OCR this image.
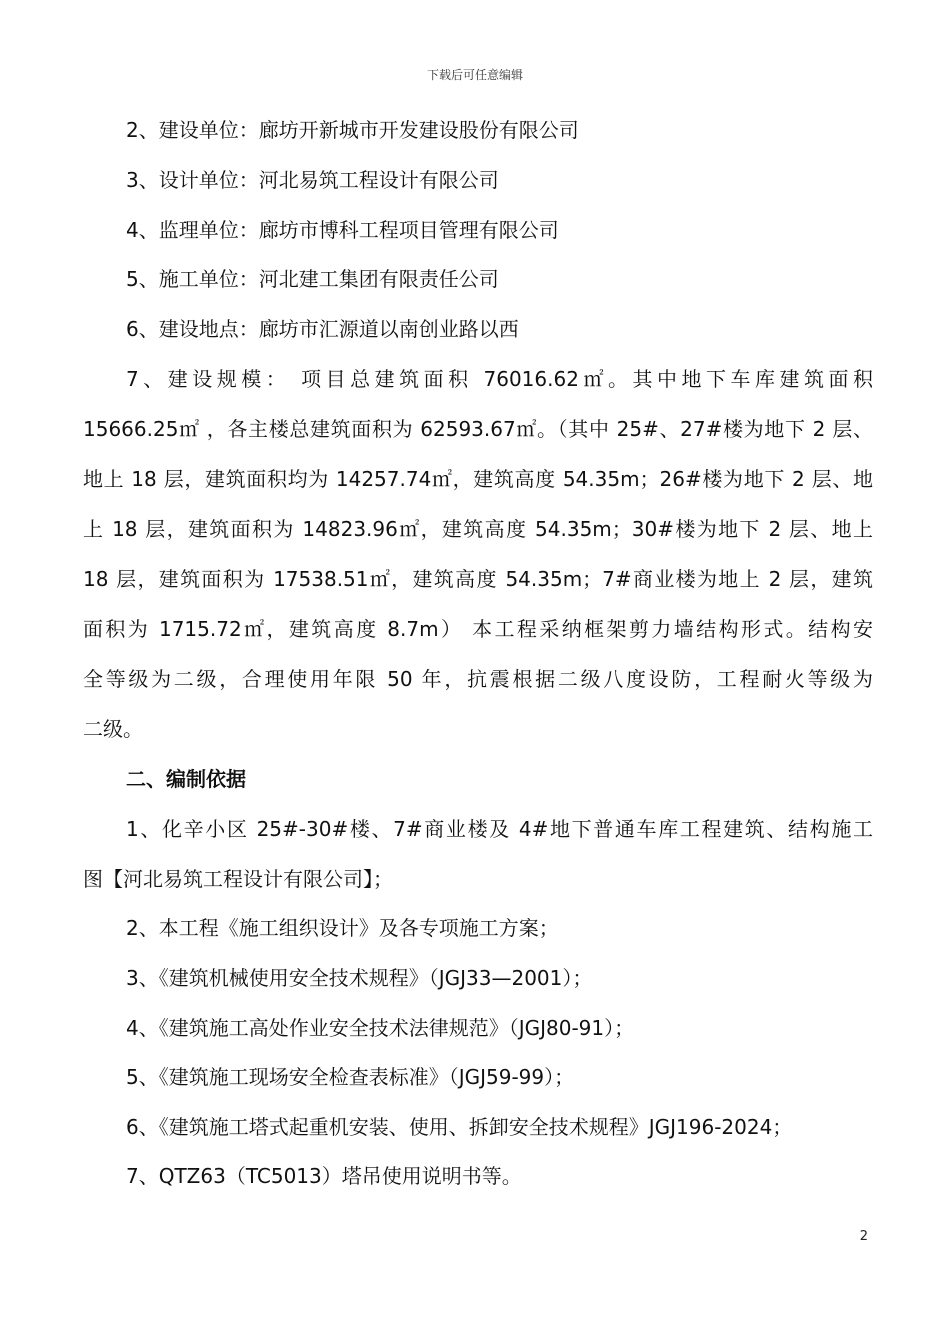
下载后可任意编辑
2、建设单位：廊坊开新城市开发建设股份有限公司
3、设计单位：河北易筑工程设计有限公司
4、监理单位：廊坊市博科工程项目管理有限公司
5、施工单位：河北建工集团有限责任公司
6、建设地点：廊坊市汇源道以南创业路以西
7、建设规模： 项目总建筑面积 76016.62㎡。其中地下车库建筑面积
15666.25㎡ ，各主楼总建筑面积为 62593.67㎡。（其中 25#、27#楼为地下 2 层、
地上 18 层，建筑面积均为 14257.74㎡，建筑高度 54.35m；26#楼为地下 2 层、地
上 18 层，建筑面积为 14823.96㎡，建筑高度 54.35m；30#楼为地下 2 层、地上
18 层，建筑面积为 17538.51㎡，建筑高度 54.35m；7#商业楼为地上 2 层，建筑
面积为 1715.72㎡，建筑高度 8.7m） 本工程采纳框架剪力墙结构形式。结构安
全等级为二级，合理使用年限 50 年，抗震根据二级八度设防，工程耐火等级为
二级。
二、编制依据
1、化辛小区 25#-30#楼、7#商业楼及 4#地下普通车库工程建筑、结构施工
图【河北易筑工程设计有限公司】；
2、本工程《施工组织设计》及各专项施工方案；
3、《建筑机械使用安全技术规程》（JGJ33—2001）；
4、《建筑施工高处作业安全技术法律规范》（JGJ80-91）；
5、《建筑施工现场安全检查表标准》（JGJ59-99）；
6、《建筑施工塔式起重机安装、使用、拆卸安全技术规程》JGJ196-2024；
7、QTZ63（TC5013）塔吊使用说明书等。
2
